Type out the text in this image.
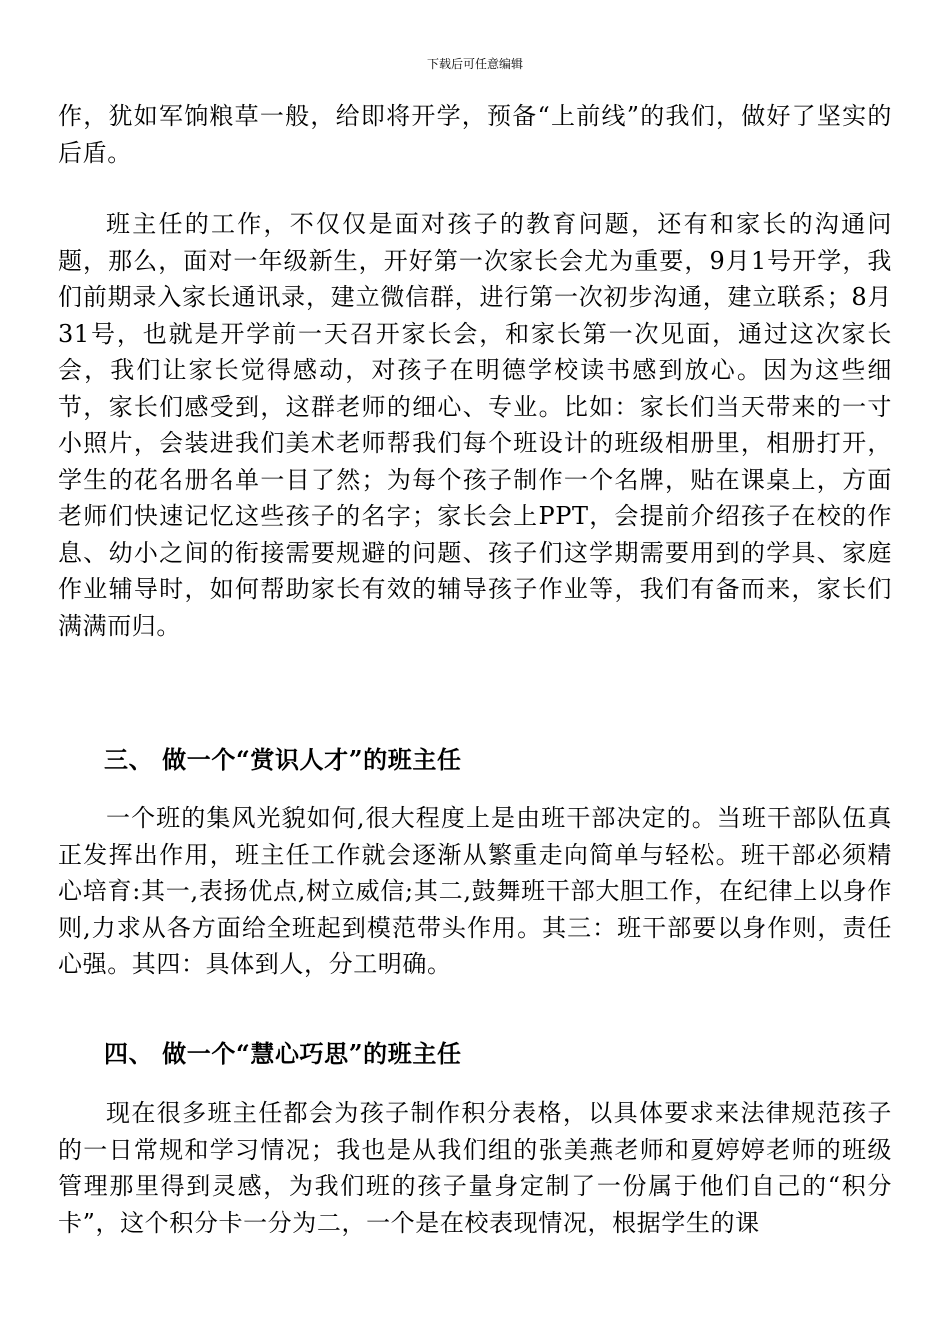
下载后可任意编辑

作，犹如军饷粮草一般，给即将开学，预备“上前线”的我们，做好了坚实的后盾。

班主任的工作，不仅仅是面对孩子的教育问题，还有和家长的沟通问题，那么，面对一年级新生，开好第一次家长会尤为重要，9月1号开学，我们前期录入家长通讯录，建立微信群，进行第一次初步沟通，建立联系；8月31号，也就是开学前一天召开家长会，和家长第一次见面，通过这次家长会，我们让家长觉得感动，对孩子在明德学校读书感到放心。因为这些细节，家长们感受到，这群老师的细心、专业。比如：家长们当天带来的一寸小照片，会装进我们美术老师帮我们每个班设计的班级相册里，相册打开，学生的花名册名单一目了然；为每个孩子制作一个名牌，贴在课桌上，方面老师们快速记忆这些孩子的名字；家长会上PPT，会提前介绍孩子在校的作息、幼小之间的衔接需要规避的问题、孩子们这学期需要用到的学具、家庭作业辅导时，如何帮助家长有效的辅导孩子作业等，我们有备而来，家长们满满而归。

三、 做一个“赏识人才”的班主任

一个班的集风光貌如何,很大程度上是由班干部决定的。当班干部队伍真正发挥出作用，班主任工作就会逐渐从繁重走向简单与轻松。班干部必须精心培育:其一,表扬优点,树立威信;其二,鼓舞班干部大胆工作，在纪律上以身作则,力求从各方面给全班起到模范带头作用。其三：班干部要以身作则，责任心强。其四：具体到人，分工明确。

四、 做一个“慧心巧思”的班主任

现在很多班主任都会为孩子制作积分表格，以具体要求来法律规范孩子的一日常规和学习情况；我也是从我们组的张美燕老师和夏婷婷老师的班级管理那里得到灵感，为我们班的孩子量身定制了一份属于他们自己的“积分卡”，这个积分卡一分为二，一个是在校表现情况，根据学生的课
